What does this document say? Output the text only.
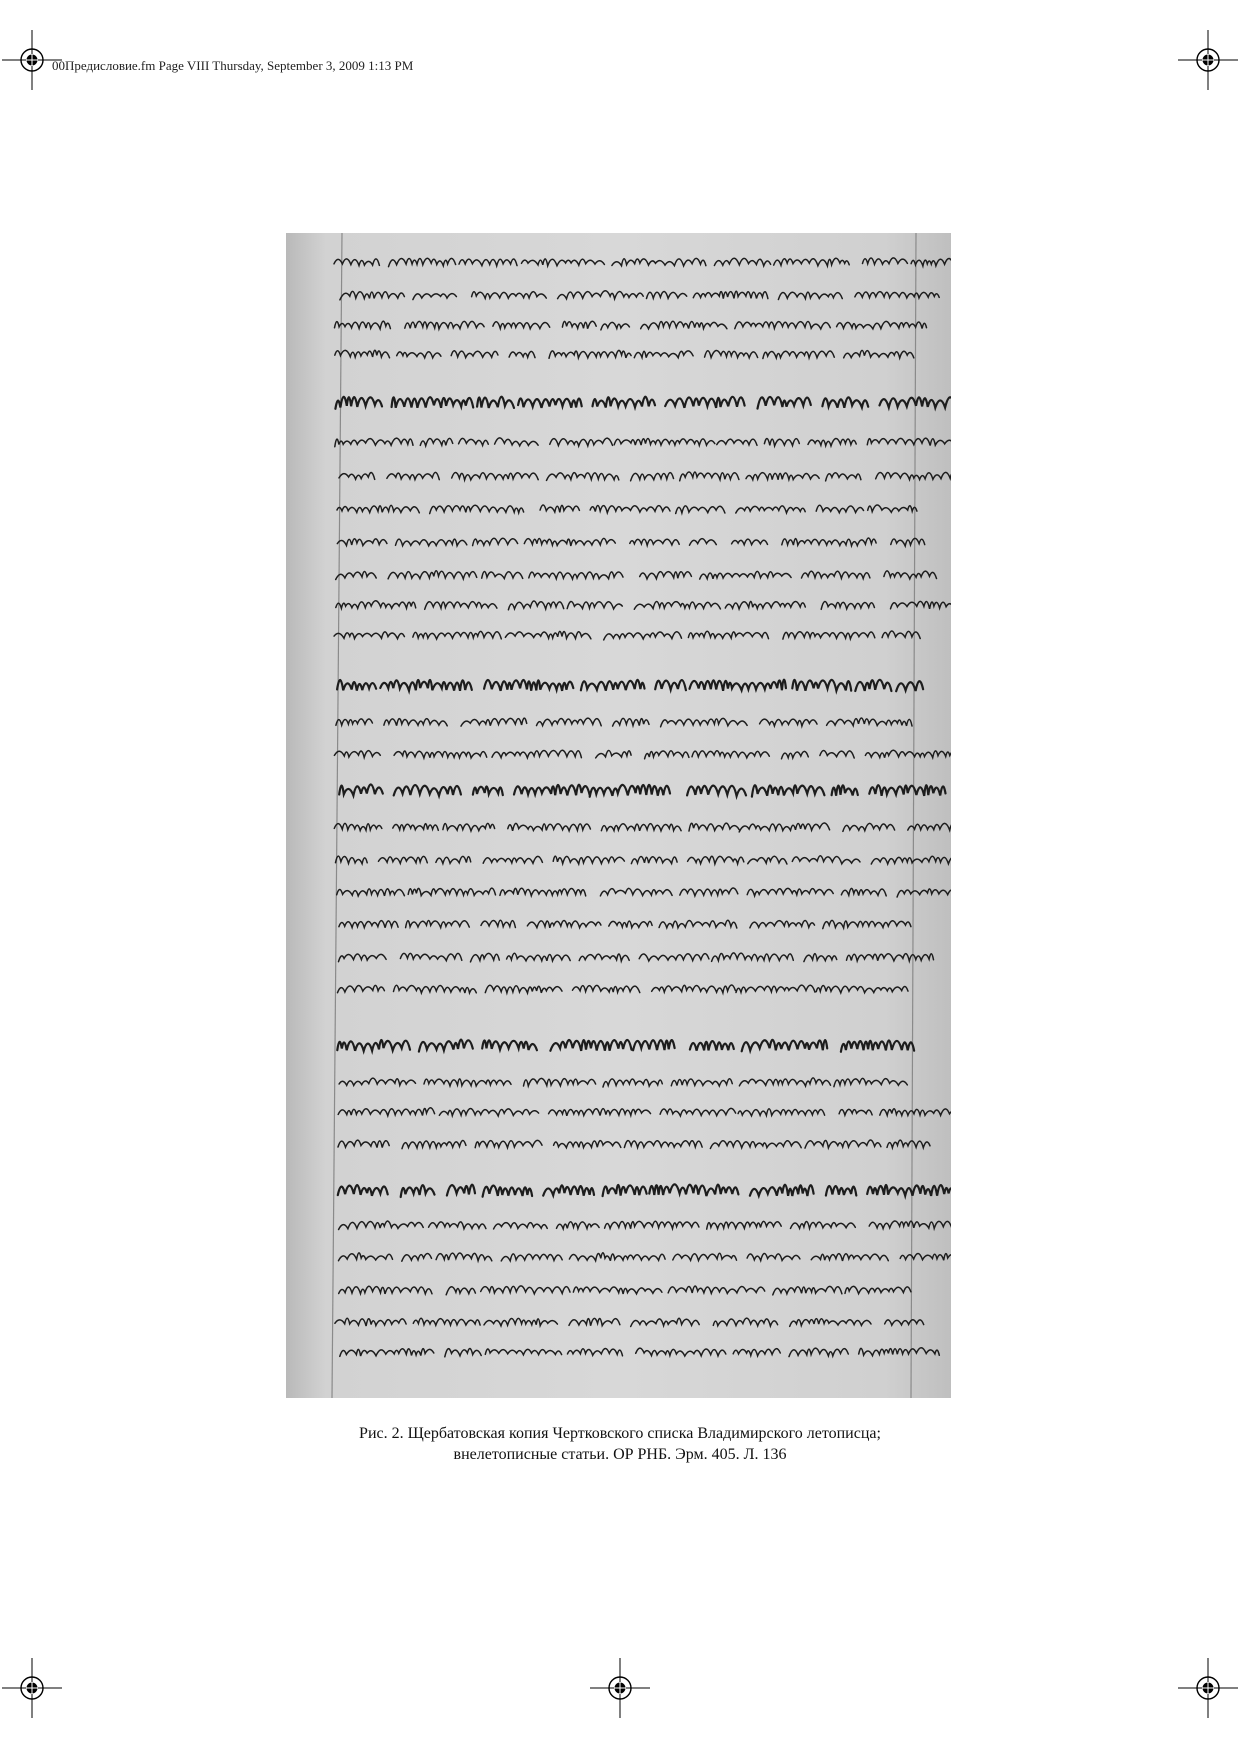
00Предисловие.fm Page VIII Thursday, September 3, 2009 1:13 PM
Рис. 2. Щербатовская копия Чертковского списка Владимирского летописца;
внелетописные статьи. ОР РНБ. Эрм. 405. Л. 136
